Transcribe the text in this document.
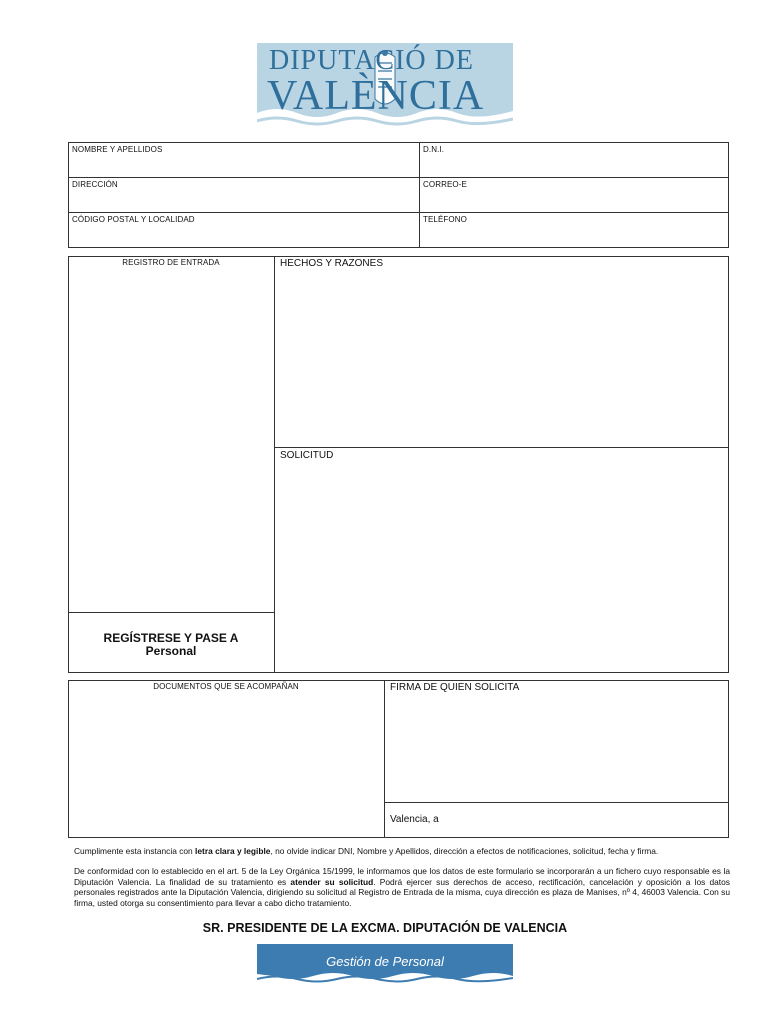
DIPUTACIÓ DE
VALÈNCIA
NOMBRE Y APELLIDOS	D.N.I.
DIRECCIÓN	CORREO-E
CÓDIGO POSTAL Y LOCALIDAD	TELÉFONO
REGISTRO DE ENTRADA	HECHOS Y RAZONES
SOLICITUD
REGÍSTRESE Y PASE A
Personal
DOCUMENTOS QUE SE ACOMPAÑAN	FIRMA DE QUIEN SOLICITA
Valencia, a
Cumplimente esta instancia con letra clara y legible, no olvide indicar DNI, Nombre y Apellidos, dirección a efectos de notificaciones, solicitud, fecha y firma.
De conformidad con lo establecido en el art. 5 de la Ley Orgánica 15/1999, le informamos que los datos de este formulario se incorporarán a un fichero cuyo responsable es la Diputación Valencia. La finalidad de su tratamiento es atender su solicitud. Podrá ejercer sus derechos de acceso, rectificación, cancelación y oposición a los datos personales registrados ante la Diputación Valencia, dirigiendo su solicitud al Registro de Entrada de la misma, cuya dirección es plaza de Manises, nº 4, 46003 Valencia. Con su firma, usted otorga su consentimiento para llevar a cabo dicho tratamiento.
SR. PRESIDENTE DE LA EXCMA. DIPUTACIÓN DE VALENCIA
Gestión de Personal
